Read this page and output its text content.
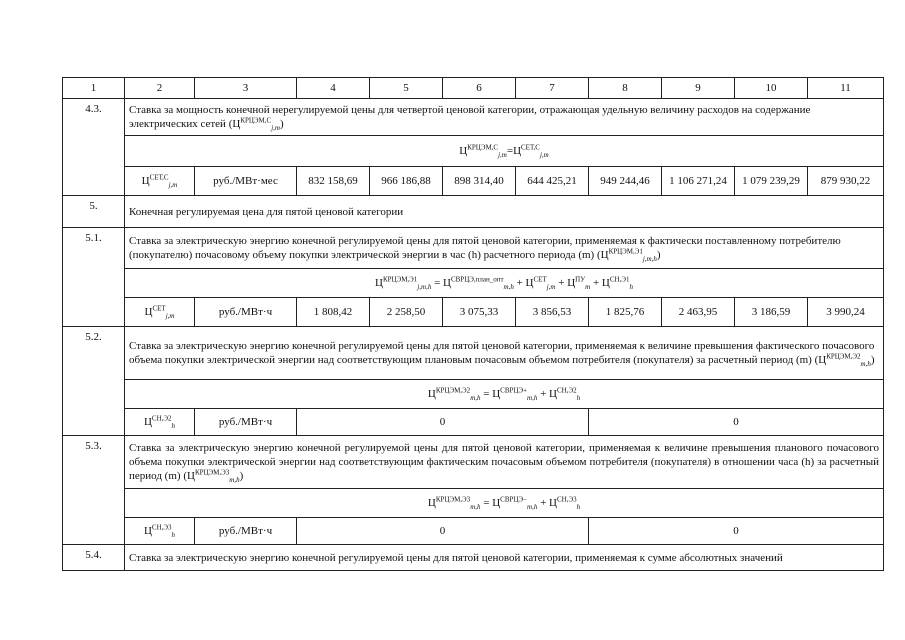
1	2	3	4	5	6	7	8	9	10	11
4.3.	Ставка за мощность конечной нерегулируемой цены для четвертой ценовой категории, отражающая удельную величину расходов на содержание электрических сетей $(Ц^{КРЦЭМ,С}_{j,m})$									
	$Ц^{КРЦЭМ,С}_{j,m}=Ц^{СЕТ,С}_{j,m}$
	$Ц^{СЕТ,С}_{j,m}$	руб./МВт·мес	832 158,69	966 186,88	898 314,40	644 425,21	949 244,46	1 106 271,24	1 079 239,29	879 930,22
5.	Конечная регулируемая цена для пятой ценовой категории									
5.1.	Ставка за электрическую энергию конечной регулируемой цены для пятой ценовой категории, применяемая к фактически поставленному потребителю (покупателю) почасовому объему покупки электрической энергии в час (h) расчетного периода (m) $(Ц^{КРЦЭМ,Э1}_{j,m,h})$									
	$Ц^{КРЦЭМ,Э1}_{j,m,h} = Ц^{СВРЦЭ,план\_опт}_{m,h} + Ц^{СЕТ}_{j,m} + Ц^{ПУ}_m + Ц^{СН,Э1}_h$
	$Ц^{СЕТ}_{j,m}$	руб./МВт·ч	1 808,42	2 258,50	3 075,33	3 856,53	1 825,76	2 463,95	3 186,59	3 990,24
5.2.	Ставка за электрическую энергию конечной регулируемой цены для пятой ценовой категории, применяемая к величине превышения фактического почасового объема покупки электрической энергии над соответствующим плановым почасовым объемом потребителя (покупателя) за расчетный период (m) $(Ц^{КРЦЭМ,Э2}_{m,h})$									
	$Ц^{КРЦЭМ,Э2}_{m,h} = Ц^{СВРЦЭ+}_{m,h} + Ц^{СН,Э2}_h$
	$Ц^{СН,Э2}_h$	руб./МВт·ч	0				0			
5.3.	Ставка за электрическую энергию конечной регулируемой цены для пятой ценовой категории, применяемая к величине превышения планового почасового объема покупки электрической энергии над соответствующим фактическим почасовым объемом потребителя (покупателя) в отношении часа (h) за расчетный период (m) $(Ц^{КРЦЭМ,Э3}_{m,h})$									
	$Ц^{КРЦЭМ,Э3}_{m,h} = Ц^{СВРЦЭ-}_{m,h} + Ц^{СН,Э3}_h$
	$Ц^{СН,Э3}_h$	руб./МВт·ч	0				0			
5.4.	Ставка за электрическую энергию конечной регулируемой цены для пятой ценовой категории, применяемая к сумме абсолютных значений									
